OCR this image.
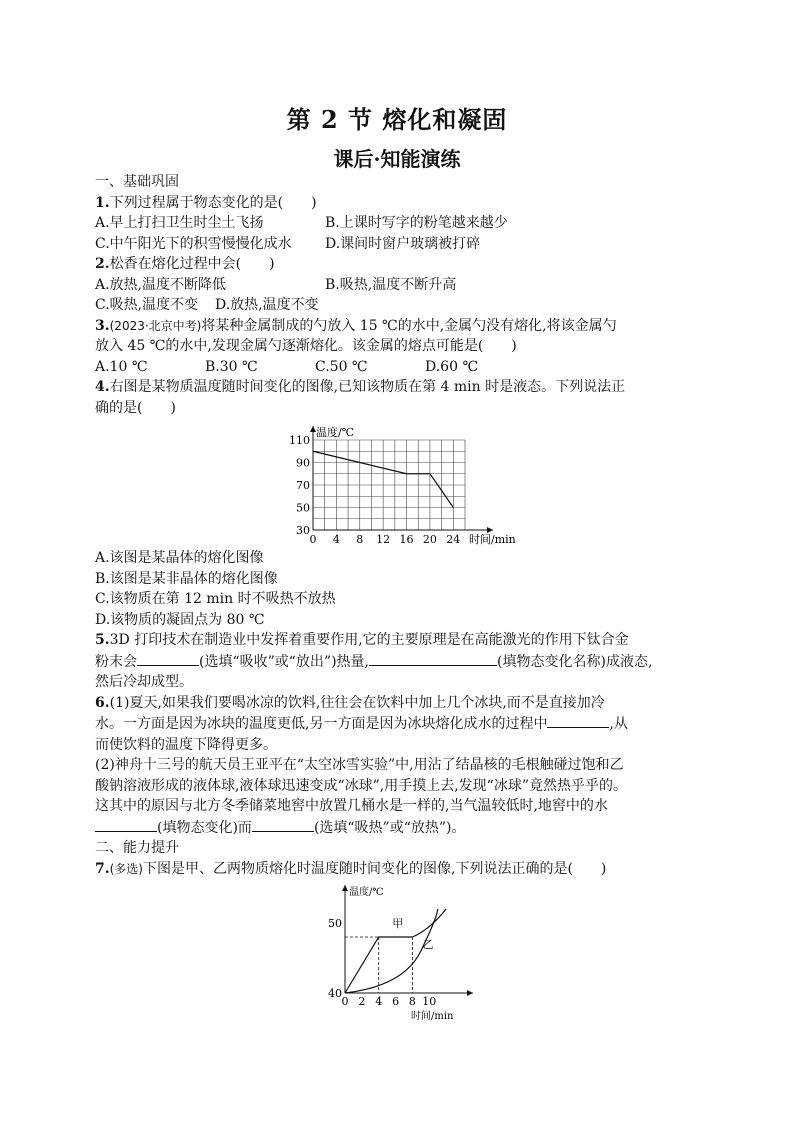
第 2 节 熔化和凝固
课后·知能演练
一、基础巩固
1.下列过程属于物态变化的是(　　)
A.早上打扫卫生时尘土飞扬	B.上课时写字的粉笔越来越少
C.中午阳光下的积雪慢慢化成水	D.课间时窗户玻璃被打碎
2.松香在熔化过程中会(　　)
A.放热,温度不断降低	B.吸热,温度不断升高
C.吸热,温度不变	D.放热,温度不变
3.(2023·北京中考)将某种金属制成的勺放入 15 ℃的水中,金属勺没有熔化,将该金属勺
放入 45 ℃的水中,发现金属勺逐渐熔化。该金属的熔点可能是(　　)
A.10 ℃	B.30 ℃	C.50 ℃	D.60 ℃
4.右图是某物质温度随时间变化的图像,已知该物质在第 4 min 时是液态。下列说法正
确的是(　　)
温度/℃
时间/min
30
50
70
90
110
0 4 8 12 16 20 24
A.该图是某晶体的熔化图像
B.该图是某非晶体的熔化图像
C.该物质在第 12 min 时不吸热不放热
D.该物质的凝固点为 80 ℃
5.3D 打印技术在制造业中发挥着重要作用,它的主要原理是在高能激光的作用下钛合金
粉末会	(选填“吸收”或“放出”)热量,	(填物态变化名称)成液态,
然后冷却成型。
6.(1)夏天,如果我们要喝冰凉的饮料,往往会在饮料中加上几个冰块,而不是直接加冷
水。一方面是因为冰块的温度更低,另一方面是因为冰块熔化成水的过程中	,从
而使饮料的温度下降得更多。
(2)神舟十三号的航天员王亚平在“太空冰雪实验”中,用沾了结晶核的毛根触碰过饱和乙
酸钠溶液形成的液体球,液体球迅速变成“冰球”,用手摸上去,发现“冰球”竟然热乎乎的。
这其中的原因与北方冬季储菜地窖中放置几桶水是一样的,当气温较低时,地窖中的水
(填物态变化)而	(选填“吸热”或“放热”)。
二、能力提升
7.(多选)下图是甲、乙两物质熔化时温度随时间变化的图像,下列说法正确的是(　　)
温度/℃
时间/min
40
50
0 2 4 6 8 10
甲
乙
